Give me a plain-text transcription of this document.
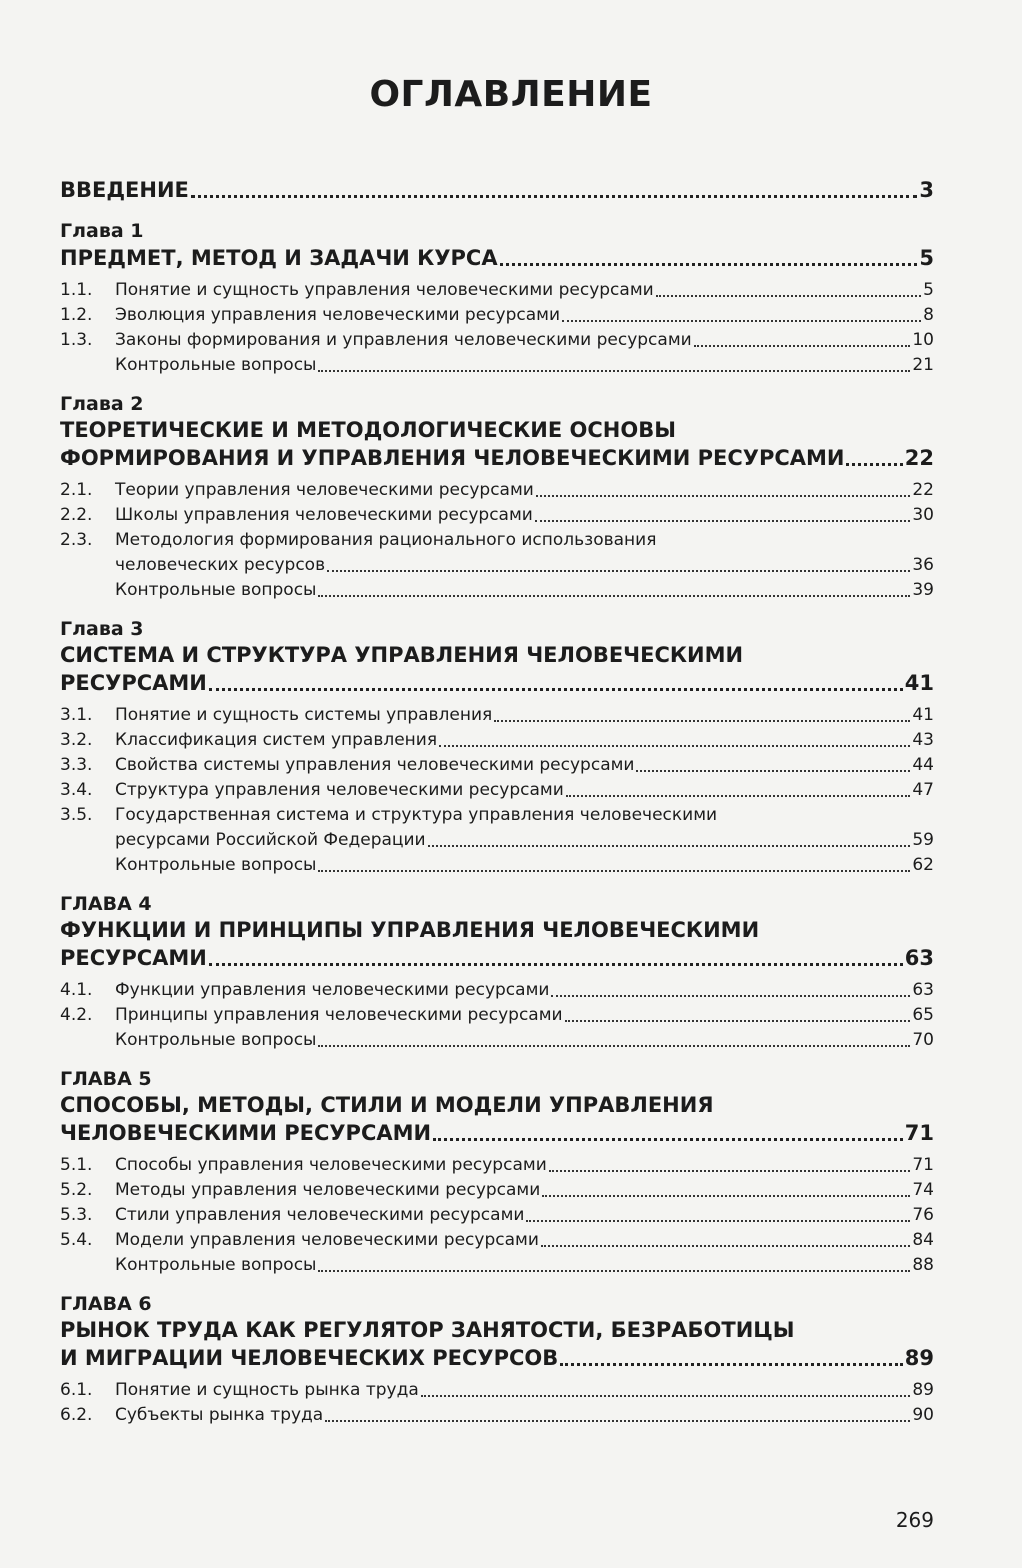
ОГЛАВЛЕНИЕ
ВВЕДЕНИЕ	3
Глава 1
ПРЕДМЕТ, МЕТОД И ЗАДАЧИ КУРСА	5
1.1.	Понятие и сущность управления человеческими ресурсами	5
1.2.	Эволюция управления человеческими ресурсами	8
1.3.	Законы формирования и управления человеческими ресурсами	10
Контрольные вопросы	21
Глава 2
ТЕОРЕТИЧЕСКИЕ И МЕТОДОЛОГИЧЕСКИЕ ОСНОВЫ
ФОРМИРОВАНИЯ И УПРАВЛЕНИЯ ЧЕЛОВЕЧЕСКИМИ РЕСУРСАМИ	22
2.1.	Теории управления человеческими ресурсами	22
2.2.	Школы управления человеческими ресурсами	30
2.3.	Методология формирования рационального использования
человеческих ресурсов	36
Контрольные вопросы	39
Глава 3
СИСТЕМА И СТРУКТУРА УПРАВЛЕНИЯ ЧЕЛОВЕЧЕСКИМИ
РЕСУРСАМИ	41
3.1.	Понятие и сущность системы управления	41
3.2.	Классификация систем управления	43
3.3.	Свойства системы управления человеческими ресурсами	44
3.4.	Структура управления человеческими ресурсами	47
3.5.	Государственная система и структура управления человеческими
ресурсами Российской Федерации	59
Контрольные вопросы	62
ГЛАВА 4
ФУНКЦИИ И ПРИНЦИПЫ УПРАВЛЕНИЯ ЧЕЛОВЕЧЕСКИМИ
РЕСУРСАМИ	63
4.1.	Функции управления человеческими ресурсами	63
4.2.	Принципы управления человеческими ресурсами	65
Контрольные вопросы	70
ГЛАВА 5
СПОСОБЫ, МЕТОДЫ, СТИЛИ И МОДЕЛИ УПРАВЛЕНИЯ
ЧЕЛОВЕЧЕСКИМИ РЕСУРСАМИ	71
5.1.	Способы управления человеческими ресурсами	71
5.2.	Методы управления человеческими ресурсами	74
5.3.	Стили управления человеческими ресурсами	76
5.4.	Модели управления человеческими ресурсами	84
Контрольные вопросы	88
ГЛАВА 6
РЫНОК ТРУДА КАК РЕГУЛЯТОР ЗАНЯТОСТИ, БЕЗРАБОТИЦЫ
И МИГРАЦИИ ЧЕЛОВЕЧЕСКИХ РЕСУРСОВ	89
6.1.	Понятие и сущность рынка труда	89
6.2.	Субъекты рынка труда	90
269
